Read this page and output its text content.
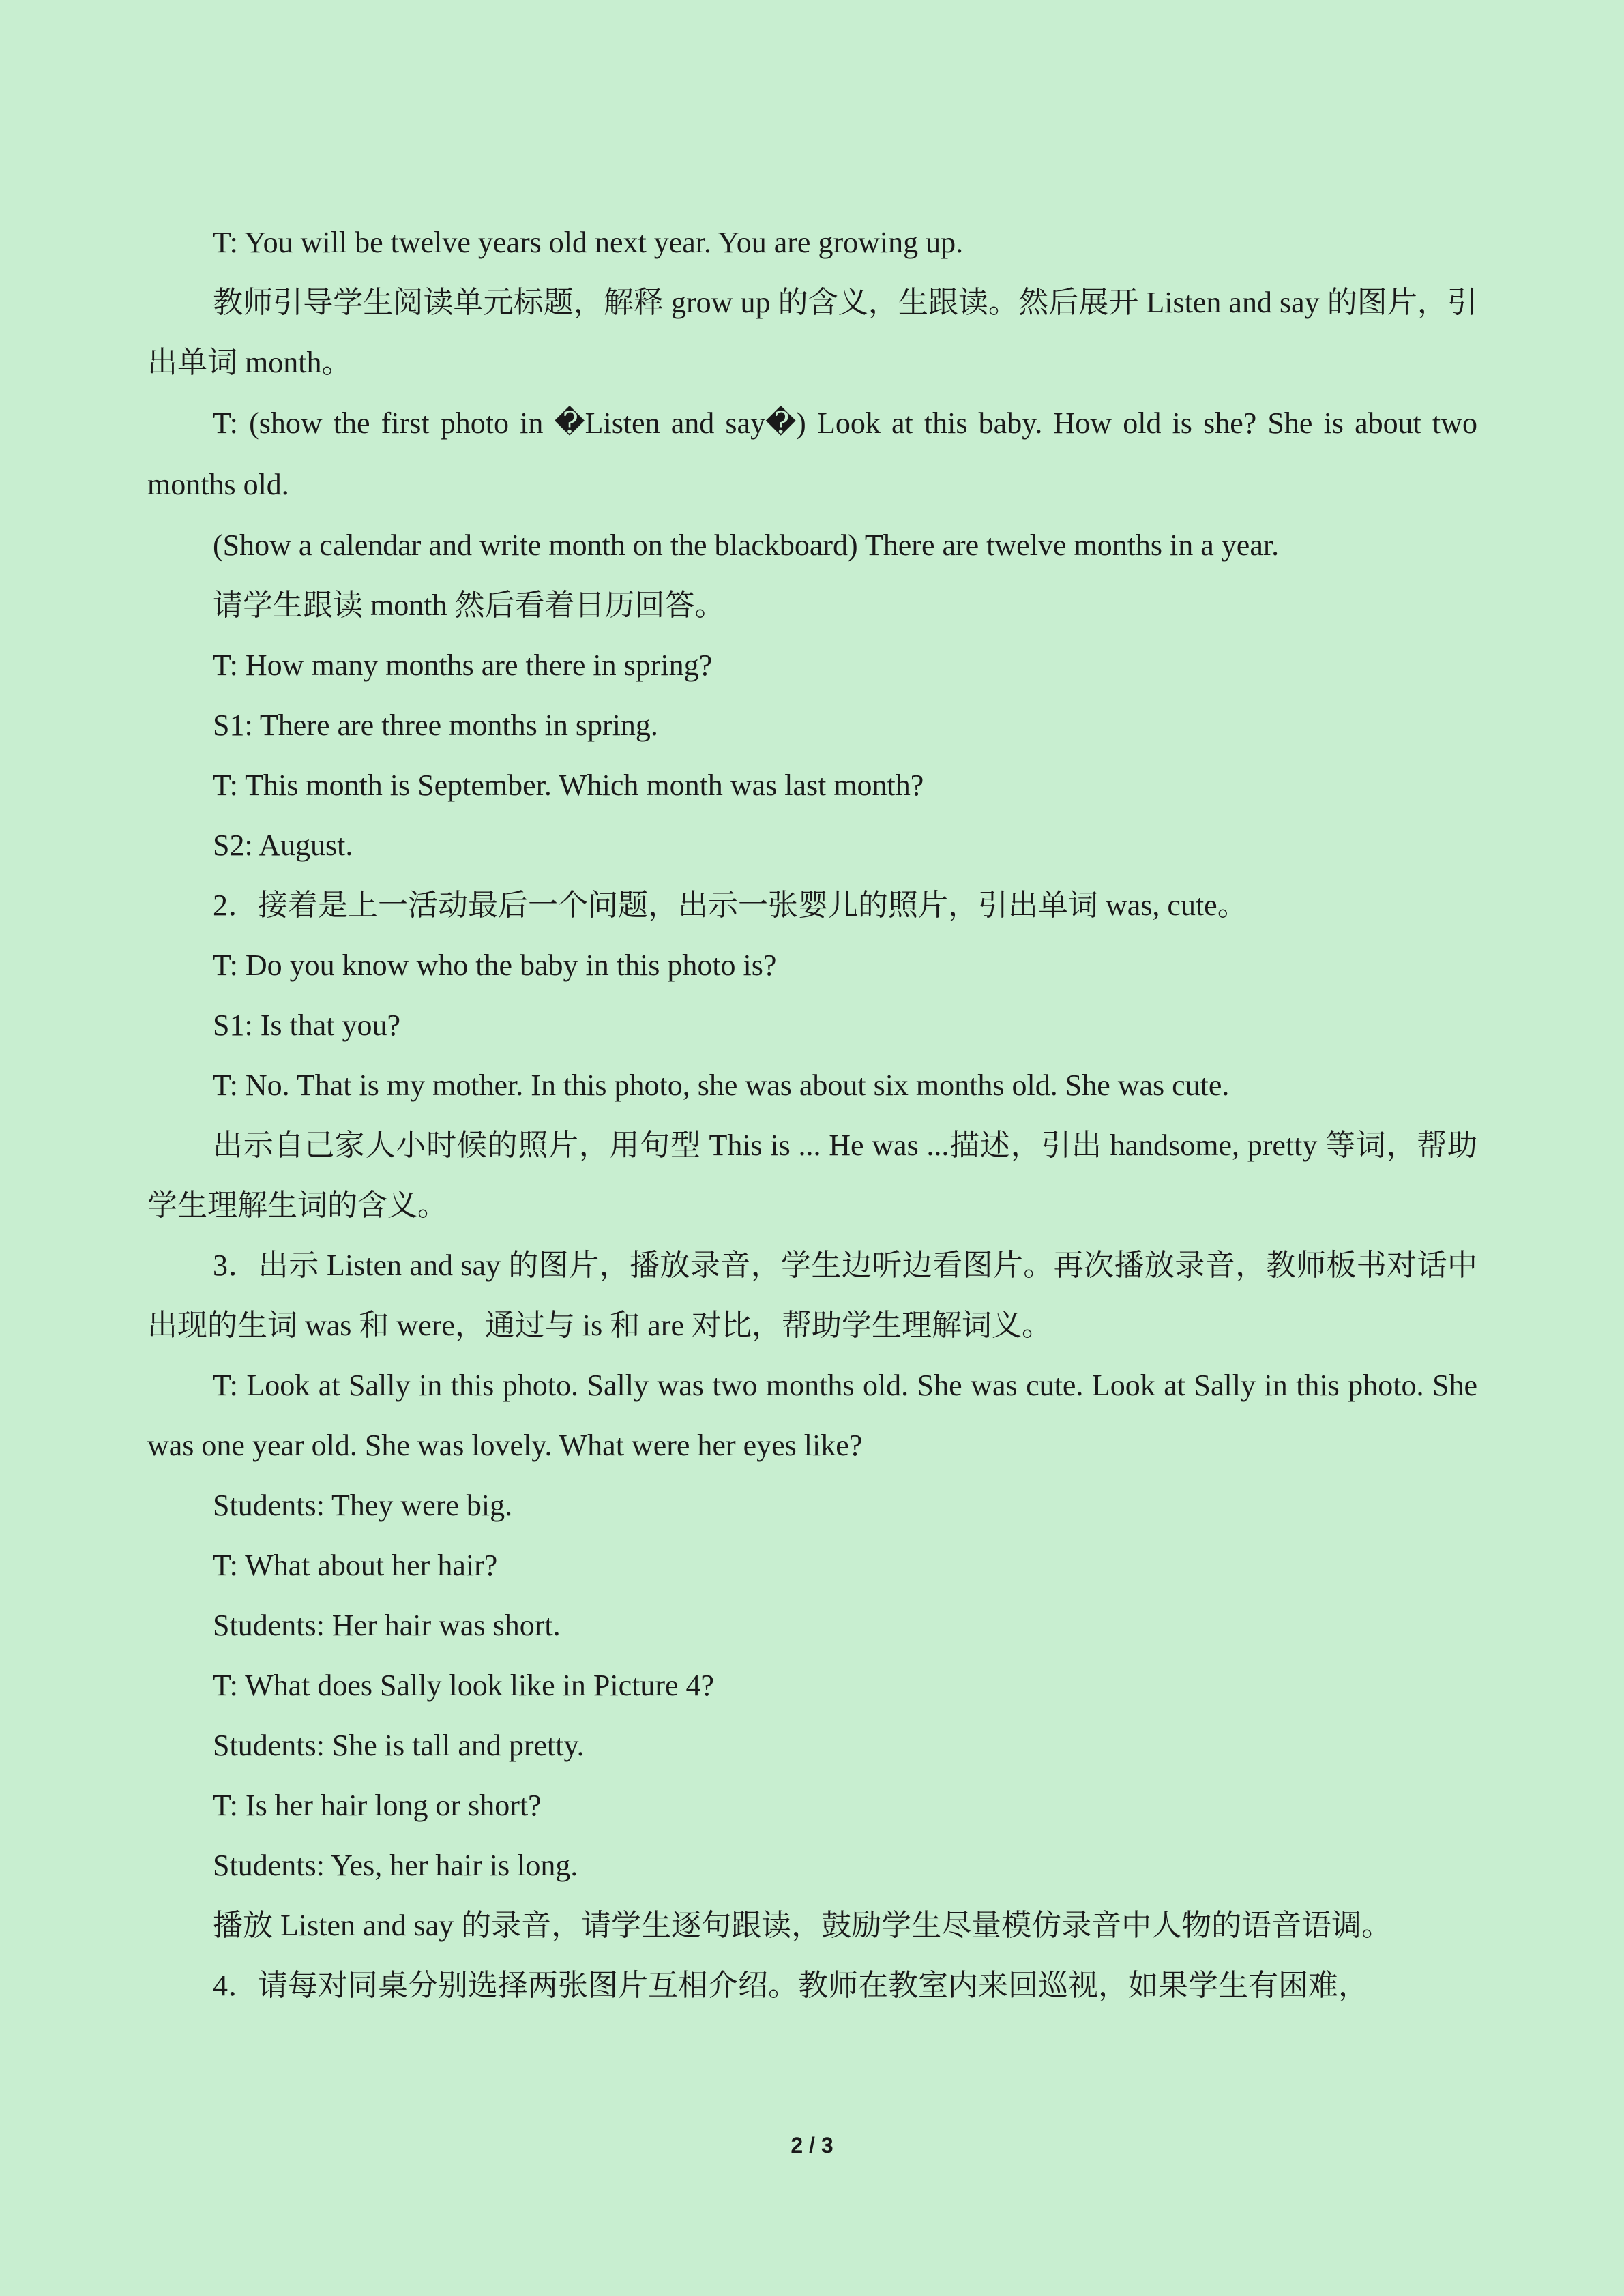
T: You will be twelve years old next year. You are growing up.

教师引导学生阅读单元标题，解释 grow up 的含义，生跟读。然后展开 Listen and say 的图片，引出单词 month。

T: (show the first photo in �Listen and say�) Look at this baby. How old is she? She is about two months old.

(Show a calendar and write month on the blackboard) There are twelve months in a year.

请学生跟读 month 然后看着日历回答。

T: How many months are there in spring?

S1: There are three months in spring.

T: This month is September. Which month was last month?

S2: August.

2．接着是上一活动最后一个问题，出示一张婴儿的照片，引出单词 was, cute。

T: Do you know who the baby in this photo is?

S1: Is that you?

T: No. That is my mother. In this photo, she was about six months old. She was cute.

出示自己家人小时候的照片，用句型 This is ... He was ...描述，引出 handsome, pretty 等词，帮助学生理解生词的含义。

3．出示 Listen and say 的图片，播放录音，学生边听边看图片。再次播放录音，教师板书对话中出现的生词 was 和 were，通过与 is 和 are 对比，帮助学生理解词义。

T: Look at Sally in this photo. Sally was two months old. She was cute. Look at Sally in this photo. She was one year old. She was lovely. What were her eyes like?

Students: They were big.

T: What about her hair?

Students: Her hair was short.

T: What does Sally look like in Picture 4?

Students: She is tall and pretty.

T: Is her hair long or short?

Students: Yes, her hair is long.

播放 Listen and say 的录音，请学生逐句跟读，鼓励学生尽量模仿录音中人物的语音语调。

4．请每对同桌分别选择两张图片互相介绍。教师在教室内来回巡视，如果学生有困难，

2 / 3
